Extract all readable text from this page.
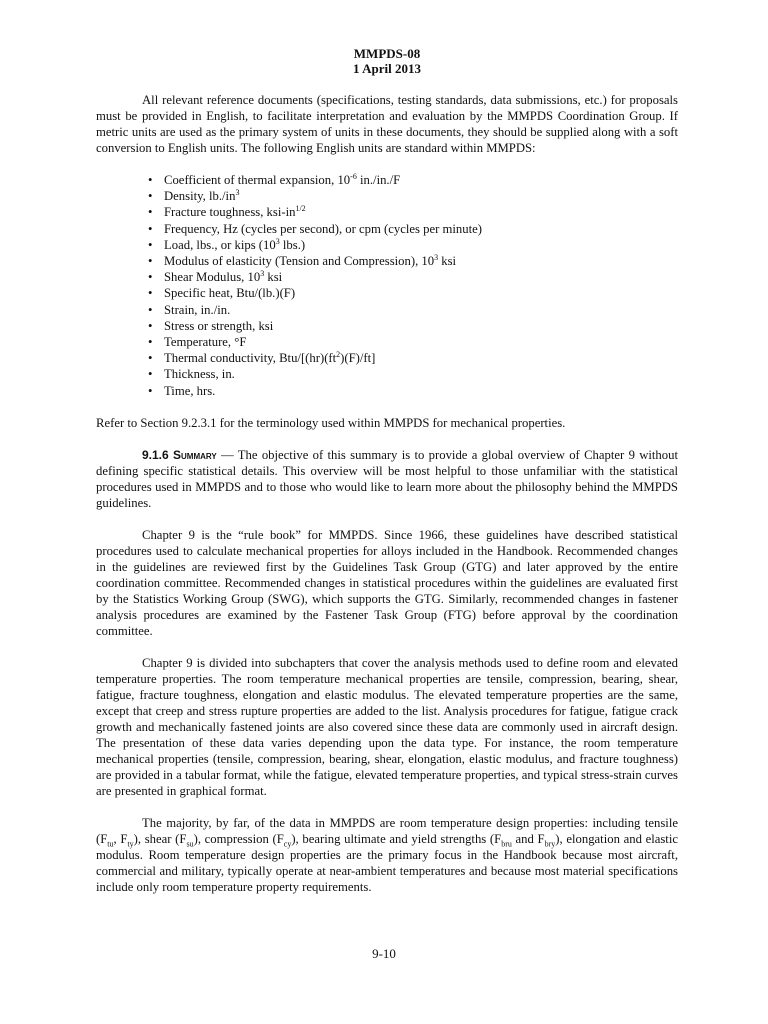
MMPDS-08
1 April 2013

All relevant reference documents (specifications, testing standards, data submissions, etc.) for proposals must be provided in English, to facilitate interpretation and evaluation by the MMPDS Coordination Group. If metric units are used as the primary system of units in these documents, they should be supplied along with a soft conversion to English units. The following English units are standard within MMPDS:

• Coefficient of thermal expansion, $10^{-6}$ in./in./F
• Density, $lb./in^3$
• Fracture toughness, ksi-$in^{1/2}$
• Frequency, Hz (cycles per second), or cpm (cycles per minute)
• Load, lbs., or kips ($10^3$ lbs.)
• Modulus of elasticity (Tension and Compression), $10^3$ ksi
• Shear Modulus, $10^3$ ksi
• Specific heat, Btu/(lb.)(F)
• Strain, in./in.
• Stress or strength, ksi
• Temperature, °F
• Thermal conductivity, Btu/$[(hr)(ft^2)(F)/ft]$
• Thickness, in.
• Time, hrs.

Refer to Section 9.2.3.1 for the terminology used within MMPDS for mechanical properties.

9.1.6 Summary — The objective of this summary is to provide a global overview of Chapter 9 without defining specific statistical details. This overview will be most helpful to those unfamiliar with the statistical procedures used in MMPDS and to those who would like to learn more about the philosophy behind the MMPDS guidelines.

Chapter 9 is the “rule book” for MMPDS. Since 1966, these guidelines have described statistical procedures used to calculate mechanical properties for alloys included in the Handbook. Recommended changes in the guidelines are reviewed first by the Guidelines Task Group (GTG) and later approved by the entire coordination committee. Recommended changes in statistical procedures within the guidelines are evaluated first by the Statistics Working Group (SWG), which supports the GTG. Similarly, recommended changes in fastener analysis procedures are examined by the Fastener Task Group (FTG) before approval by the coordination committee.

Chapter 9 is divided into subchapters that cover the analysis methods used to define room and elevated temperature properties. The room temperature mechanical properties are tensile, compression, bearing, shear, fatigue, fracture toughness, elongation and elastic modulus. The elevated temperature properties are the same, except that creep and stress rupture properties are added to the list. Analysis procedures for fatigue, fatigue crack growth and mechanically fastened joints are also covered since these data are commonly used in aircraft design. The presentation of these data varies depending upon the data type. For instance, the room temperature mechanical properties (tensile, compression, bearing, shear, elongation, elastic modulus, and fracture toughness) are provided in a tabular format, while the fatigue, elevated temperature properties, and typical stress-strain curves are presented in graphical format.

The majority, by far, of the data in MMPDS are room temperature design properties: including tensile ($F_{tu}$, $F_{ty}$), shear $(F_{su})$, compression $(F_{cy})$, bearing ultimate and yield strengths ($F_{bru}$ and $F_{bry}$), elongation and elastic modulus. Room temperature design properties are the primary focus in the Handbook because most aircraft, commercial and military, typically operate at near-ambient temperatures and because most material specifications include only room temperature property requirements.

9-10
